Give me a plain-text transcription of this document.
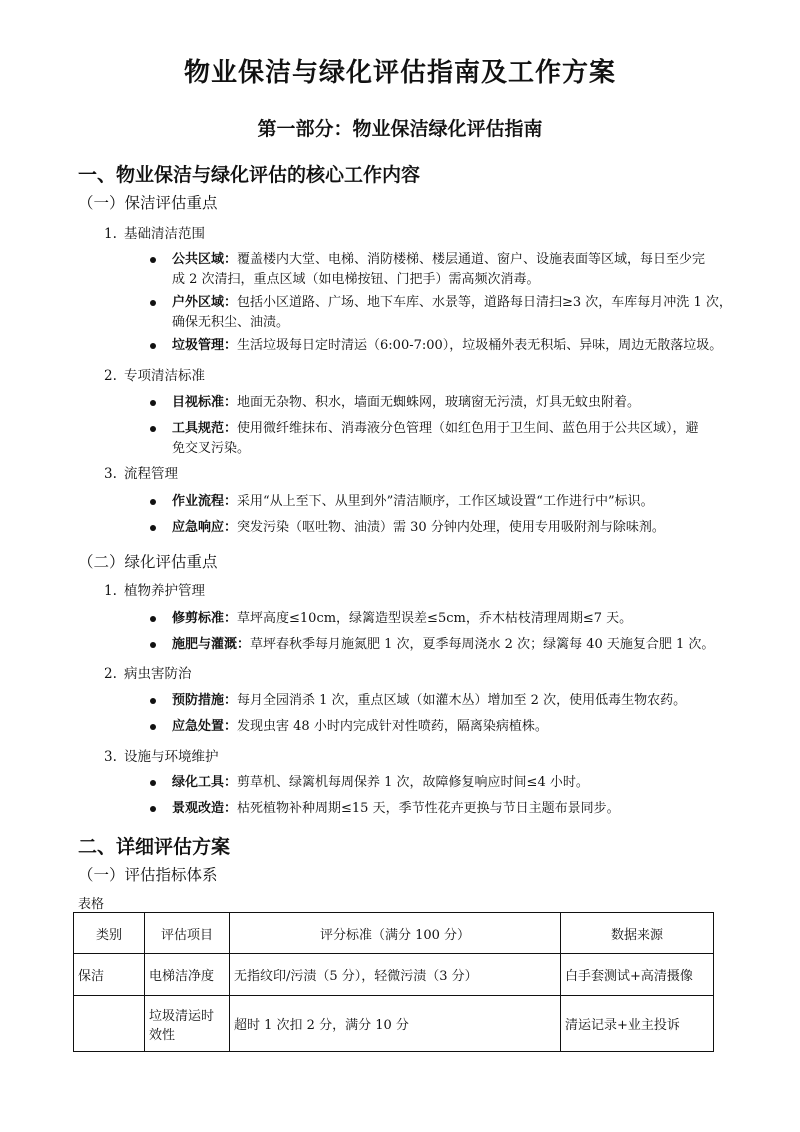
物业保洁与绿化评估指南及工作方案
第一部分：物业保洁绿化评估指南
一、物业保洁与绿化评估的核心工作内容
（一）保洁评估重点
1. 基础清洁范围
公共区域：覆盖楼内大堂、电梯、消防楼梯、楼层通道、窗户、设施表面等区域，每日至少完
成 2 次清扫，重点区域（如电梯按钮、门把手）需高频次消毒。
户外区域：包括小区道路、广场、地下车库、水景等，道路每日清扫≥3 次，车库每月冲洗 1 次，
确保无积尘、油渍。
垃圾管理：生活垃圾每日定时清运（6:00-7:00），垃圾桶外表无积垢、异味，周边无散落垃圾。
2. 专项清洁标准
目视标准：地面无杂物、积水，墙面无蜘蛛网，玻璃窗无污渍，灯具无蚊虫附着。
工具规范：使用微纤维抹布、消毒液分色管理（如红色用于卫生间、蓝色用于公共区域），避
免交叉污染。
3. 流程管理
作业流程：采用“从上至下、从里到外”清洁顺序，工作区域设置“工作进行中”标识。
应急响应：突发污染（呕吐物、油渍）需 30 分钟内处理，使用专用吸附剂与除味剂。
（二）绿化评估重点
1. 植物养护管理
修剪标准：草坪高度≤10cm，绿篱造型误差≤5cm，乔木枯枝清理周期≤7 天。
施肥与灌溉：草坪春秋季每月施氮肥 1 次，夏季每周浇水 2 次；绿篱每 40 天施复合肥 1 次。
2. 病虫害防治
预防措施：每月全园消杀 1 次，重点区域（如灌木丛）增加至 2 次，使用低毒生物农药。
应急处置：发现虫害 48 小时内完成针对性喷药，隔离染病植株。
3. 设施与环境维护
绿化工具：剪草机、绿篱机每周保养 1 次，故障修复响应时间≤4 小时。
景观改造：枯死植物补种周期≤15 天，季节性花卉更换与节日主题布景同步。
二、详细评估方案
（一）评估指标体系
表格
类别	评估项目	评分标准（满分 100 分）	数据来源
保洁	电梯洁净度	无指纹印/污渍（5 分），轻微污渍（3 分）	白手套测试+高清摄像
	垃圾清运时效性	超时 1 次扣 2 分，满分 10 分	清运记录+业主投诉
